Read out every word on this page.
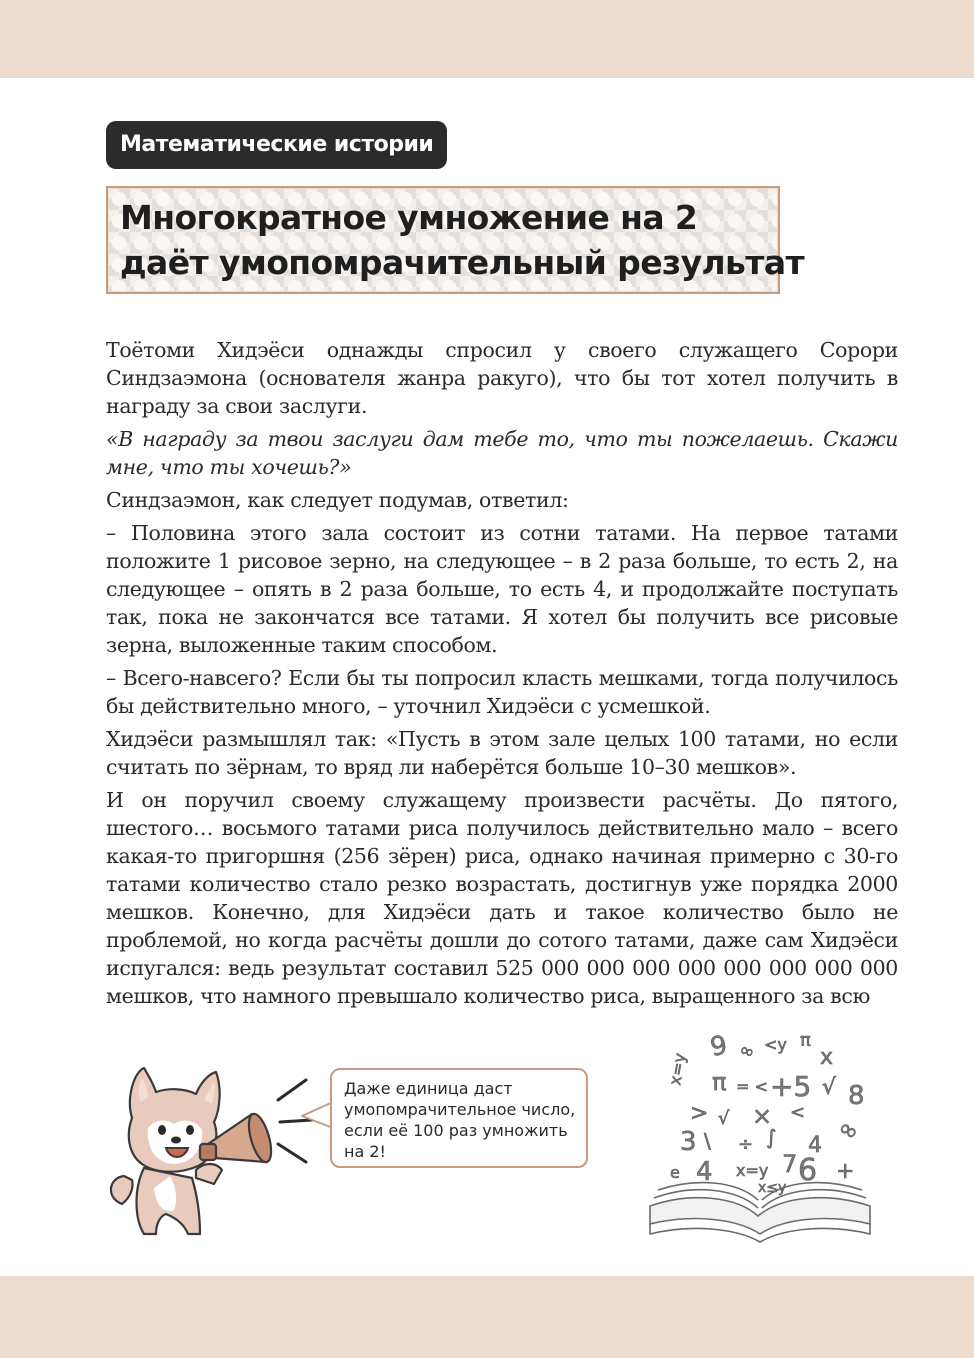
Математические истории
Многократное умножение на 2
даёт умопомрачительный результат

Тоётоми Хидэёси однажды спросил у своего служащего Сорори Синдзаэмона (основателя жанра ракуго), что бы тот хотел получить в награду за свои заслуги.

«В награду за твои заслуги дам тебе то, что ты пожелаешь. Скажи мне, что ты хочешь?»

Синдзаэмон, как следует подумав, ответил:

– Половина этого зала состоит из сотни татами. На первое татами положите 1 рисовое зерно, на следующее – в 2 раза больше, то есть 2, на следующее – опять в 2 раза больше, то есть 4, и продолжайте поступать так, пока не закончатся все татами. Я хотел бы получить все рисовые зерна, выложенные таким способом.

– Всего-навсего? Если бы ты попросил класть мешками, тогда получилось бы действительно много, – уточнил Хидэёси с усмешкой.

Хидэёси размышлял так: «Пусть в этом зале целых 100 татами, но если считать по зёрнам, то вряд ли наберётся больше 10–30 мешков».

И он поручил своему служащему произвести расчёты. До пятого, шестого… восьмого татами риса получилось действительно мало – всего какая-то пригоршня (256 зёрен) риса, однако начиная примерно с 30-го татами количество стало резко возрастать, достигнув уже порядка 2000 мешков. Конечно, для Хидэёси дать и такое количество было не проблемой, но когда расчёты дошли до сотого татами, даже сам Хидэёси испугался: ведь результат составил 525 000 000 000 000 000 000 000 000 мешков, что намного превышало количество риса, выращенного за всю

Даже единица даст умопомрачительное число, если её 100 раз умножить на 2!
9 ∞ <y π
x
x=y π = < +5 √ 8
> √ × <
∞
3 \ ÷ ∫ 4
e 4 x=y 7 6 +
x≤y
